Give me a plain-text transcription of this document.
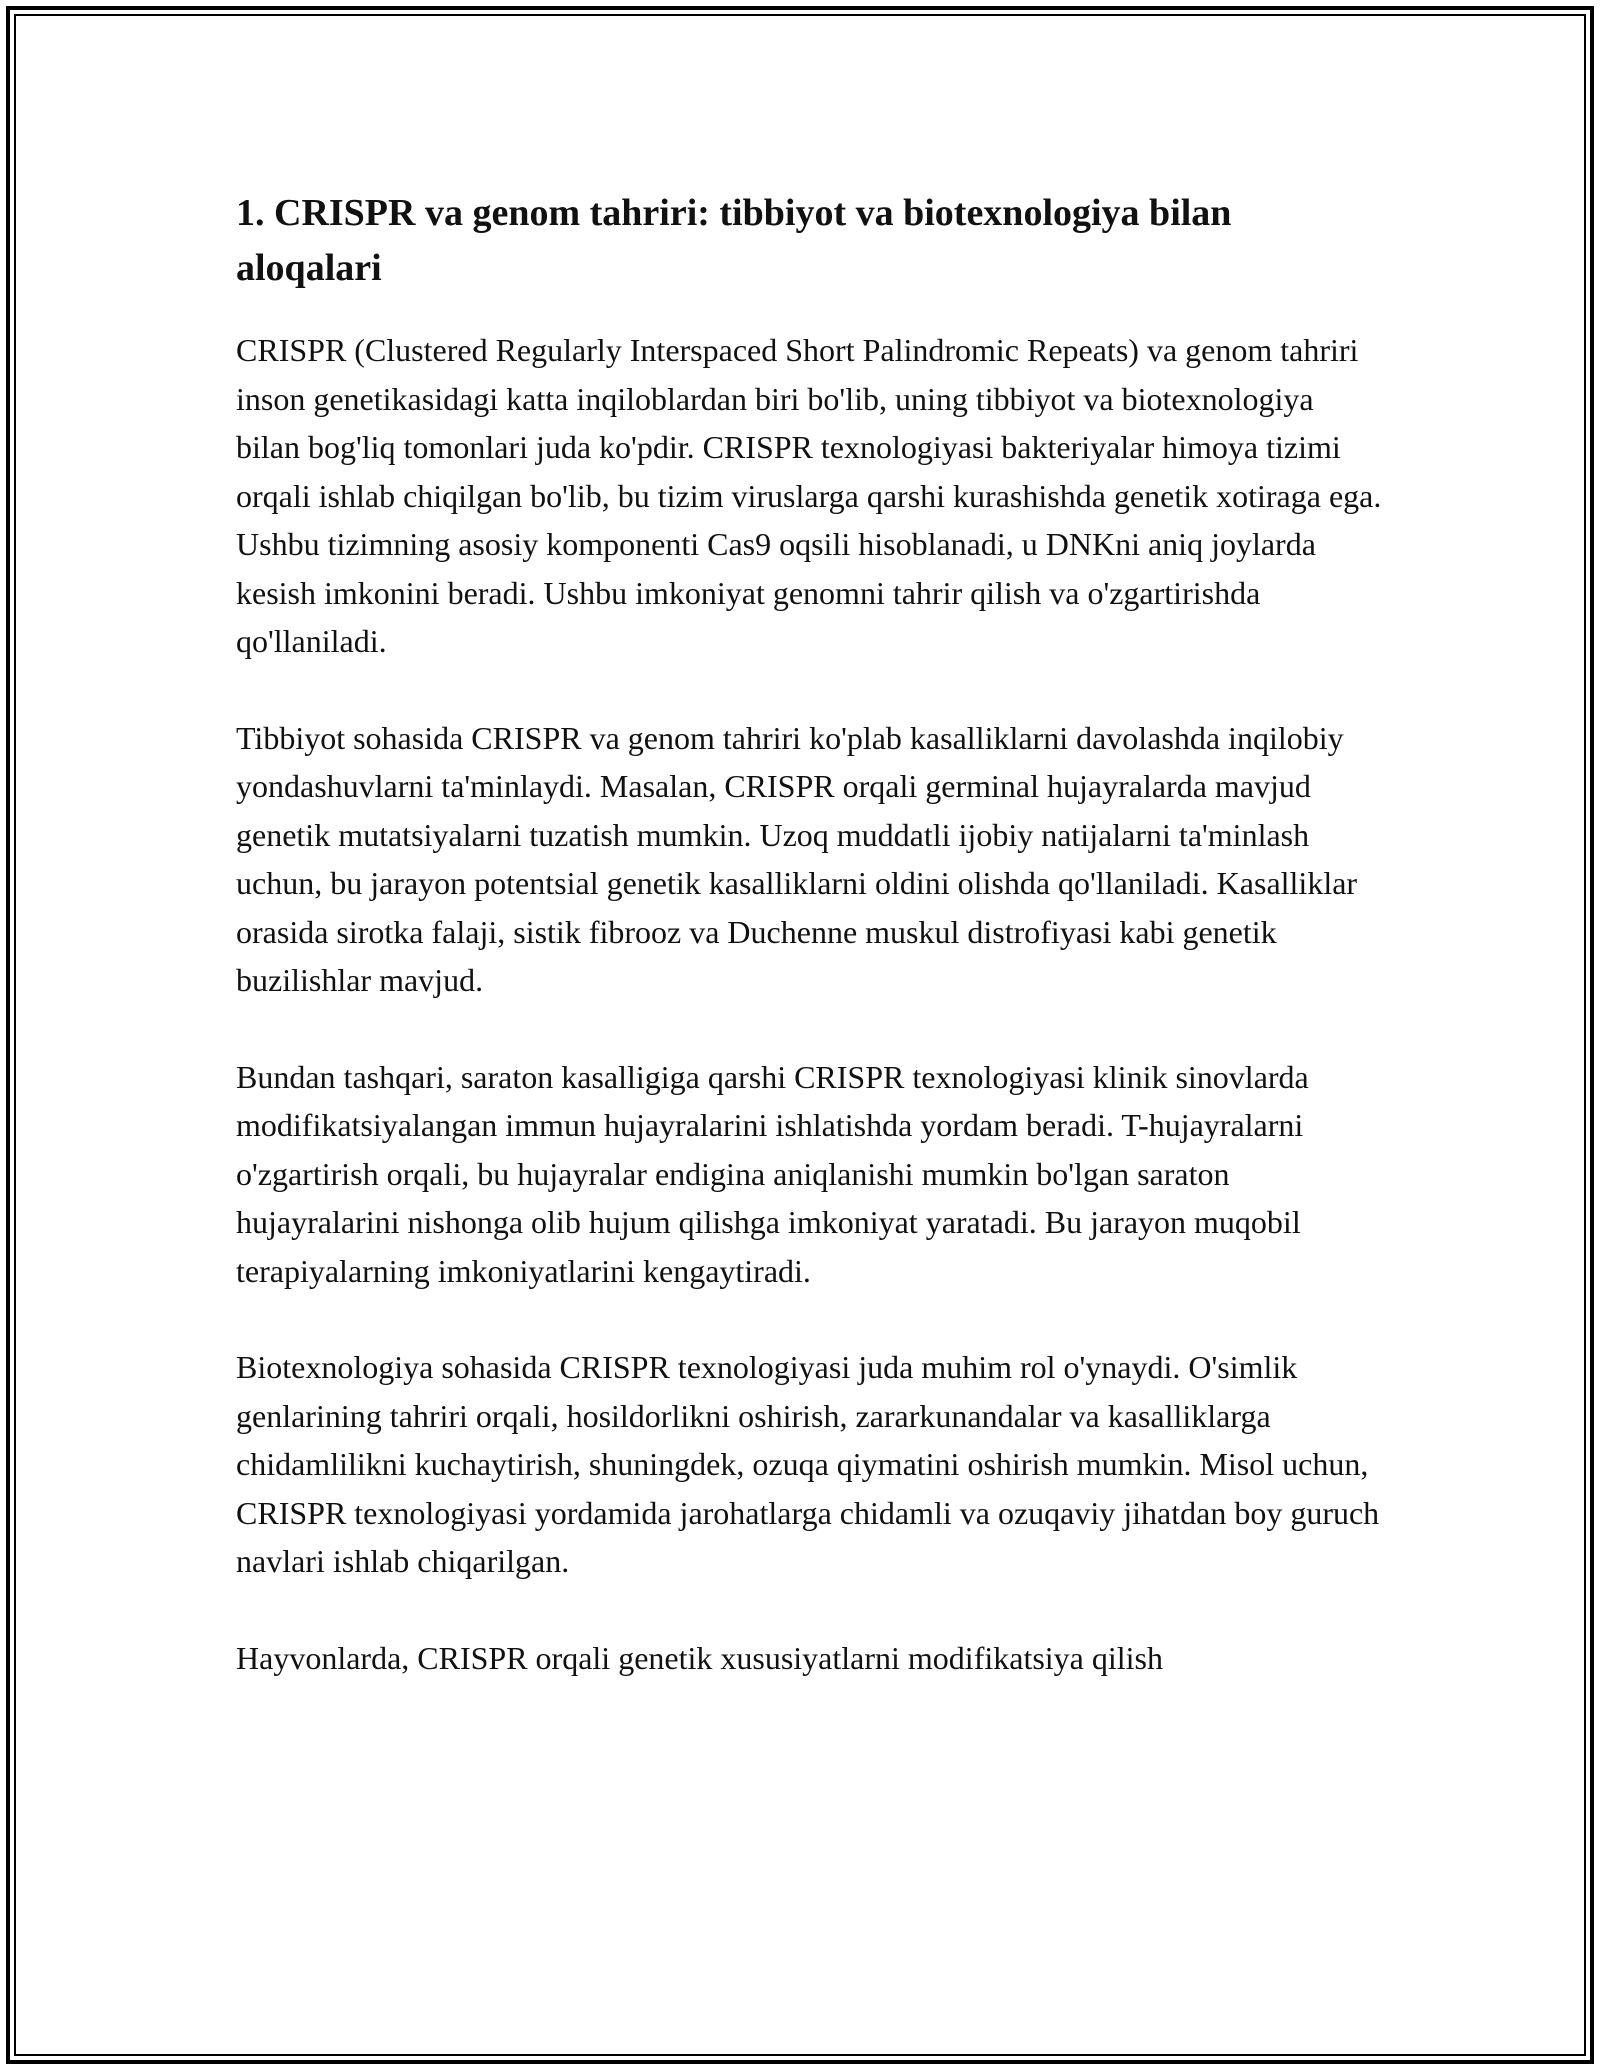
1. CRISPR va genom tahriri: tibbiyot va biotexnologiya bilan aloqalari

CRISPR (Clustered Regularly Interspaced Short Palindromic Repeats) va genom tahriri inson genetikasidagi katta inqiloblardan biri bo'lib, uning tibbiyot va biotexnologiya bilan bog'liq tomonlari juda ko'pdir. CRISPR texnologiyasi bakteriyalar himoya tizimi orqali ishlab chiqilgan bo'lib, bu tizim viruslarga qarshi kurashishda genetik xotiraga ega. Ushbu tizimning asosiy komponenti Cas9 oqsili hisoblanadi, u DNKni aniq joylarda kesish imkonini beradi. Ushbu imkoniyat genomni tahrir qilish va o'zgartirishda qo'llaniladi.

Tibbiyot sohasida CRISPR va genom tahriri ko'plab kasalliklarni davolashda inqilobiy yondashuvlarni ta'minlaydi. Masalan, CRISPR orqali germinal hujayralarda mavjud genetik mutatsiyalarni tuzatish mumkin. Uzoq muddatli ijobiy natijalarni ta'minlash uchun, bu jarayon potentsial genetik kasalliklarni oldini olishda qo'llaniladi. Kasalliklar orasida sirotka falaji, sistik fibrooz va Duchenne muskul distrofiyasi kabi genetik buzilishlar mavjud.

Bundan tashqari, saraton kasalligiga qarshi CRISPR texnologiyasi klinik sinovlarda modifikatsiyalangan immun hujayralarini ishlatishda yordam beradi. T-hujayralarni o'zgartirish orqali, bu hujayralar endigina aniqlanishi mumkin bo'lgan saraton hujayralarini nishonga olib hujum qilishga imkoniyat yaratadi. Bu jarayon muqobil terapiyalarning imkoniyatlarini kengaytiradi.

Biotexnologiya sohasida CRISPR texnologiyasi juda muhim rol o'ynaydi. O'simlik genlarining tahriri orqali, hosildorlikni oshirish, zararkunandalar va kasalliklarga chidamlilikni kuchaytirish, shuningdek, ozuqa qiymatini oshirish mumkin. Misol uchun, CRISPR texnologiyasi yordamida jarohatlarga chidamli va ozuqaviy jihatdan boy guruch navlari ishlab chiqarilgan.

Hayvonlarda, CRISPR orqali genetik xususiyatlarni modifikatsiya qilish
